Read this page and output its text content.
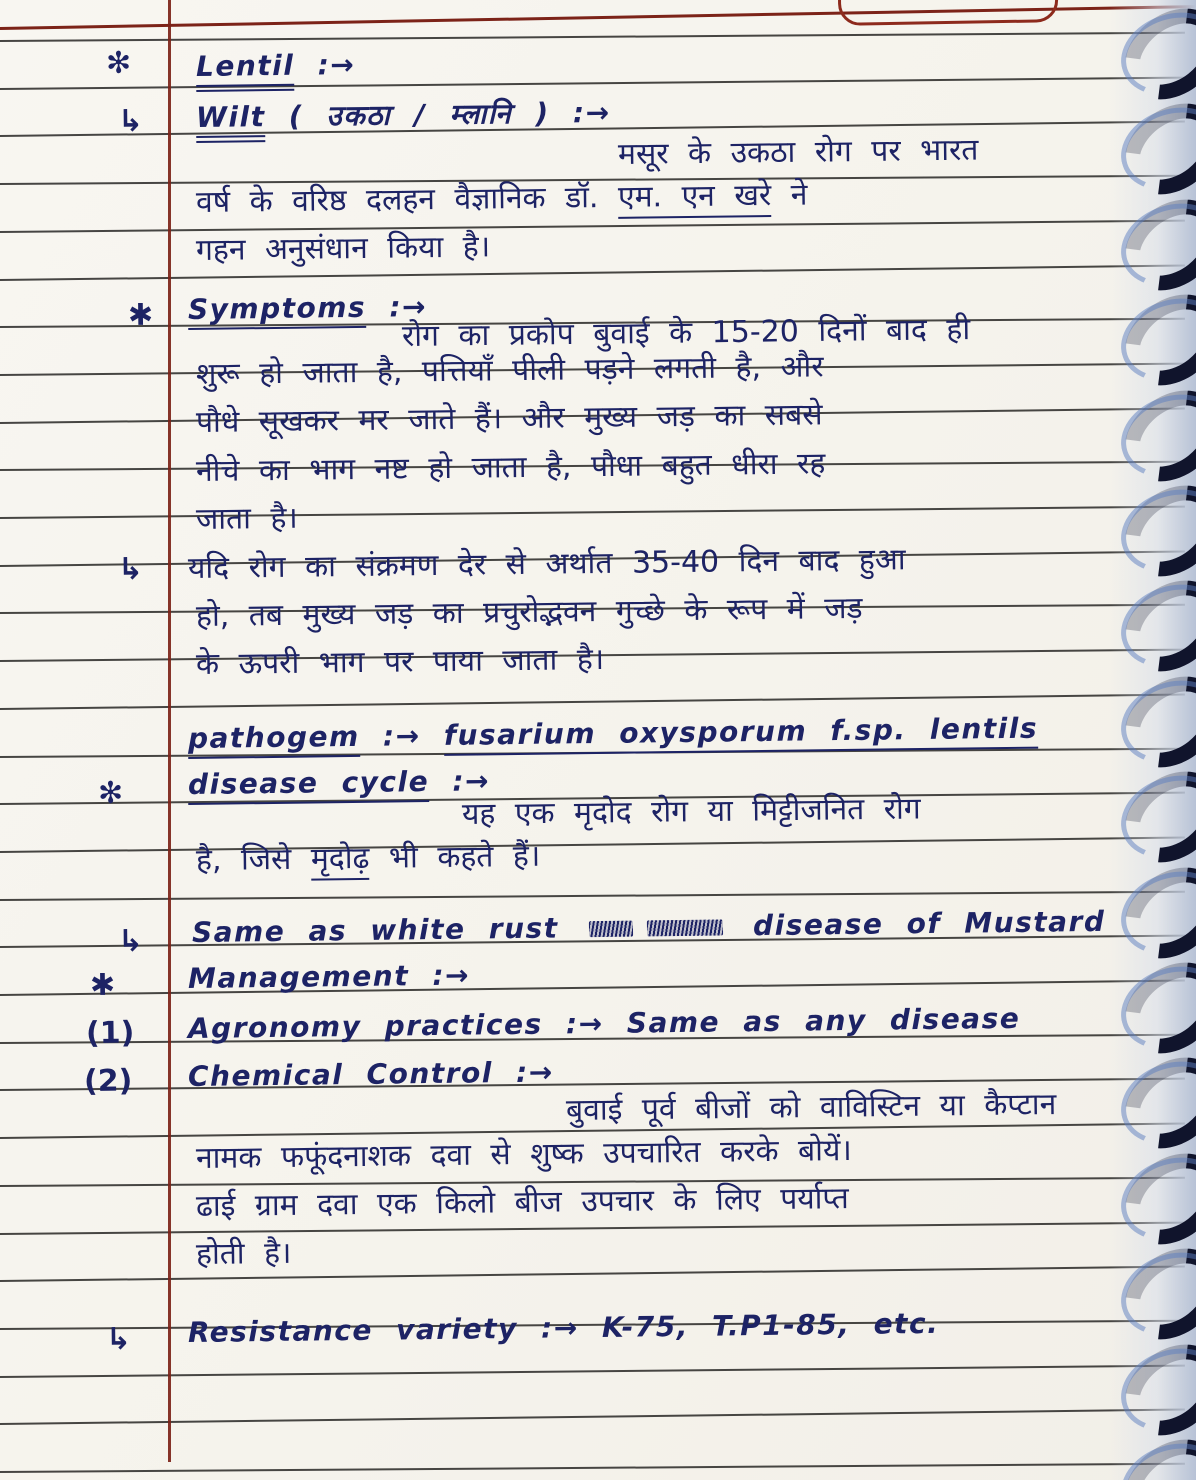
✻ Lentil :→
↳ Wilt ( उकठा / म्लानि ) :→
मसूर के उकठा रोग पर भारत
वर्ष के वरिष्ठ दलहन वैज्ञानिक डॉ. एम. एन खरे ने
गहन अनुसंधान किया है।
✱ Symptoms :→
रोग का प्रकोप बुवाई के 15-20 दिनों बाद ही
शुरू हो जाता है, पत्तियाँ पीली पड़ने लगती है, और
पौधे सूखकर मर जाते हैं। और मुख्य जड़ का सबसे
नीचे का भाग नष्ट हो जाता है, पौधा बहुत धीरा रह
जाता है।
↳ यदि रोग का संक्रमण देर से अर्थात 35-40 दिन बाद हुआ
हो, तब मुख्य जड़ का प्रचुरोद्भवन गुच्छे के रूप में जड़
के ऊपरी भाग पर पाया जाता है।
pathogem :→ fusarium oxysporum f.sp. lentils
✻ disease cycle :→
यह एक मृदोद रोग या मिट्टीजनित रोग
है, जिसे मृदोढ़ भी कहते हैं।
↳ Same as white rust	disease of Mustard
✱	Management :→
(1) Agronomy practices :→ Same as any disease
(2) Chemical Control :→
बुवाई पूर्व बीजों को वाविस्टिन या कैप्टान
नामक फफूंदनाशक दवा से शुष्क उपचारित करके बोयें।
ढाई ग्राम दवा एक किलो बीज उपचार के लिए पर्याप्त
होती है।
↳ Resistance variety :→ K-75, T.P1-85, etc.
